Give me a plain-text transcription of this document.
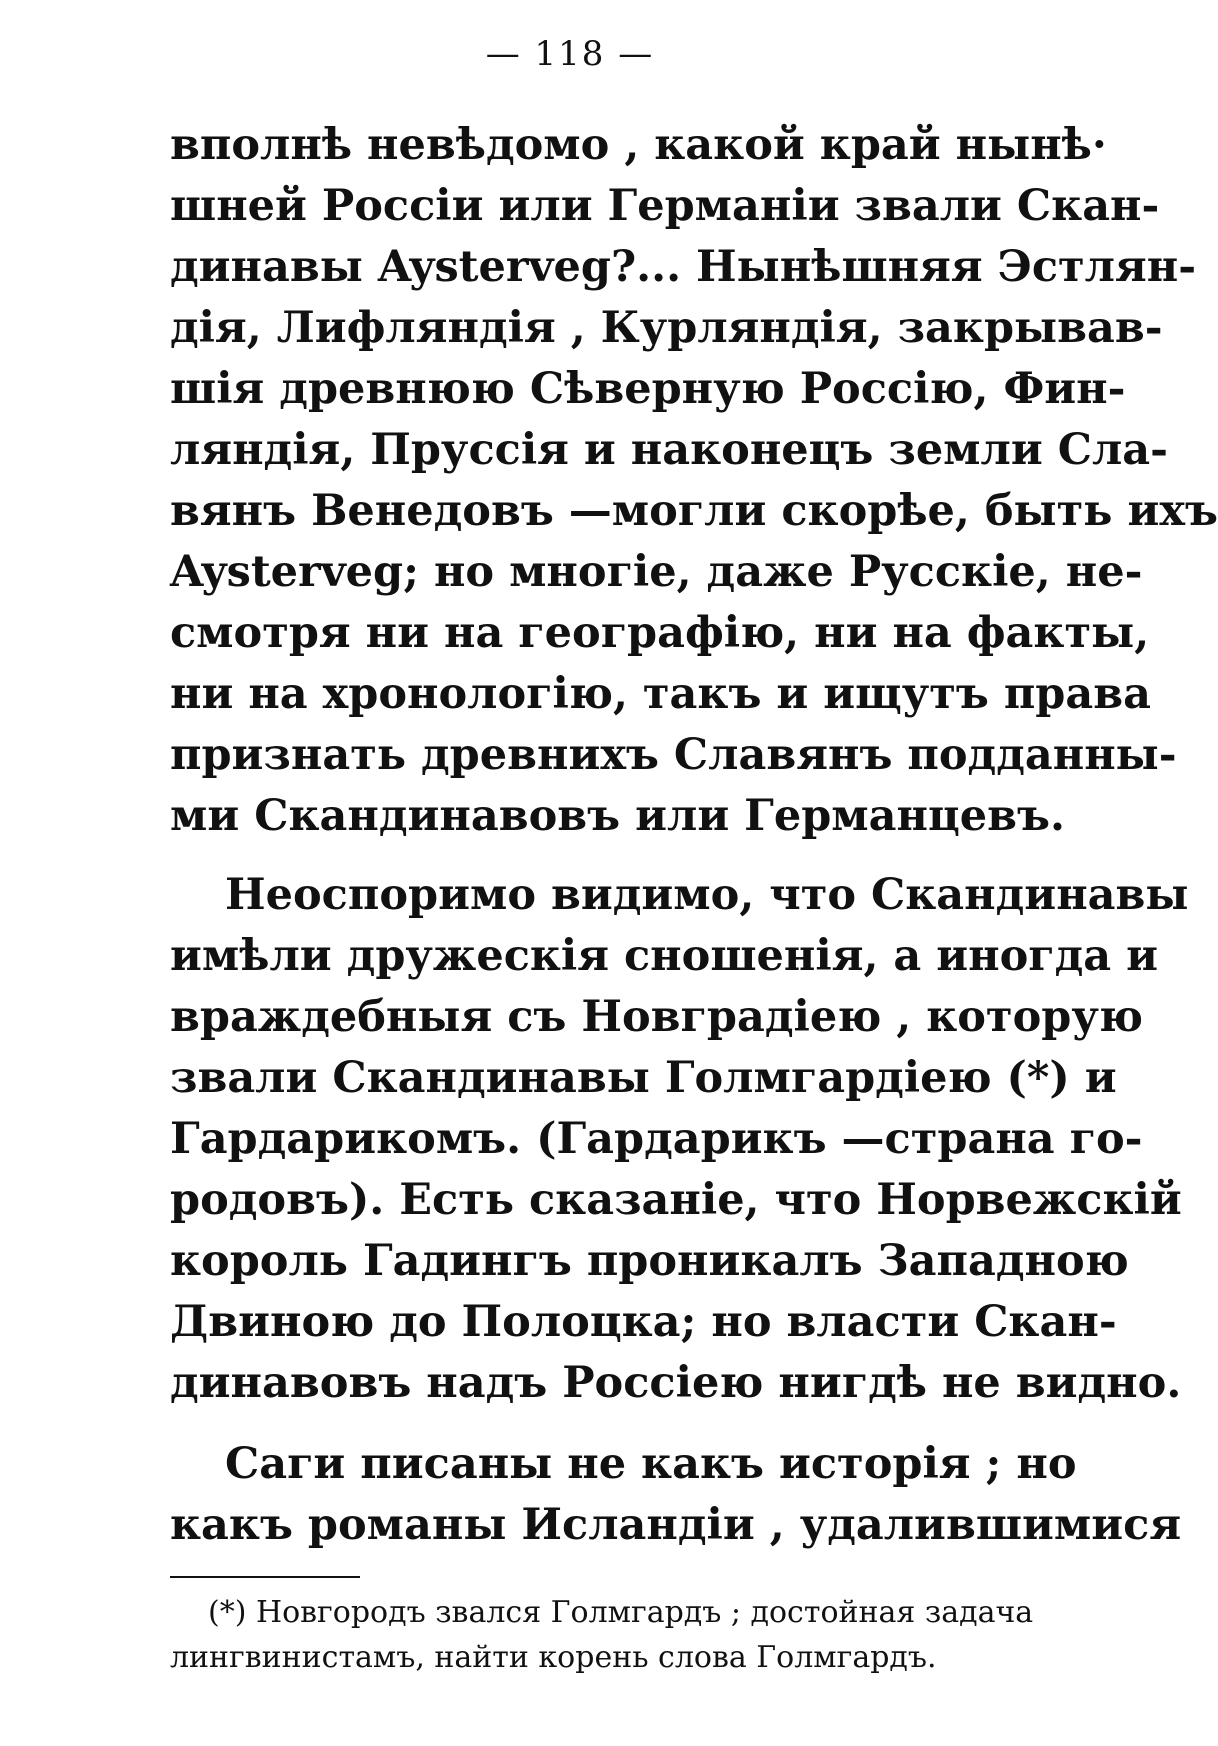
— 118 —
вполнѣ невѣдомо , какой край нынѣ·
шней Россiи или Германiи звали Скан-
динавы Aysterveg?... Нынѣшняя Эстлян-
дiя, Лифляндiя , Курляндiя, закрывав-
шiя древнюю Сѣверную Россiю, Фин-
ляндiя, Пруссiя и наконецъ земли Сла-
вянъ Венедовъ —могли скорѣе, быть ихъ
Aysterveg; но многiе, даже Русскiе, не-
смотря ни на географiю, ни на факты,
ни на хронологiю, такъ и ищутъ права
признать древнихъ Славянъ подданны-
ми Скандинавовъ или Германцевъ.
Неоспоримо видимо, что Скандинавы
имѣли дружескiя сношенiя, а иногда и
враждебныя съ Новградiею , которую
звали Скандинавы Голмгардiею (*) и
Гардарикомъ. (Гардарикъ —страна го-
родовъ). Есть сказанiе, что Норвежскiй
король Гадингъ проникалъ Западною
Двиною до Полоцка; но власти Скан-
динавовъ надъ Россiею нигдѣ не видно.
Саги писаны не какъ исторiя ; но
какъ романы Исландiи , удалившимися
(*) Новгородъ звался Голмгардъ ; достойная задача
лингвинистамъ, найти корень слова Голмгардъ.
